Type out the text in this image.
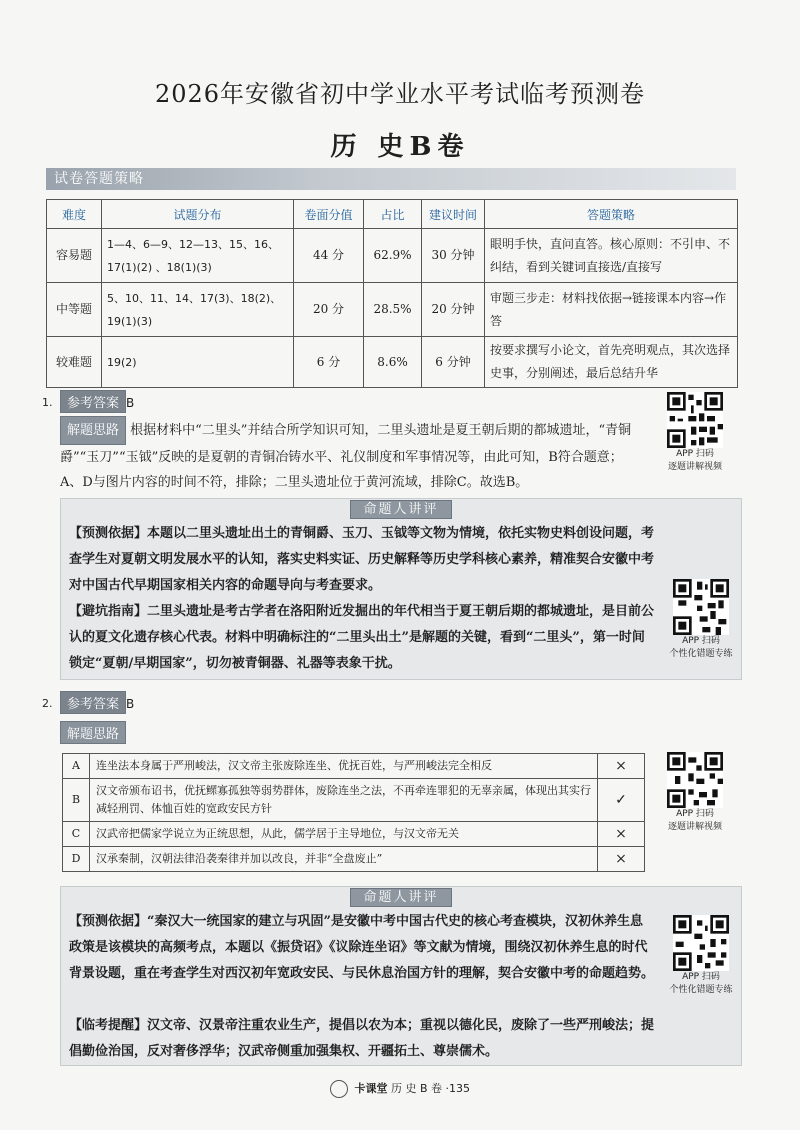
2026年安徽省初中学业水平考试临考预测卷
历 史B卷
试卷答题策略
难度	试题分布	卷面分值	占比	建议时间	答题策略
容易题	1—4、6—9、12—13、15、16、17(1)(2) 、18(1)(3)	44 分	62.9%	30 分钟	眼明手快，直问直答。核心原则：不引申、不纠结，看到关键词直接选/直接写
中等题	5、10、11、14、17(3)、18(2)、19(1)(3)	20 分	28.5%	20 分钟	审题三步走：材料找依据→链接课本内容→作答
较难题	19(2)	6 分	8.6%	6 分钟	按要求撰写小论文，首先亮明观点，其次选择史事，分别阐述，最后总结升华
1.	参考答案 B
解题思路 根据材料中“二里头”并结合所学知识可知，二里头遗址是夏王朝后期的都城遗址，“青铜爵”“玉刀”“玉钺”反映的是夏朝的青铜冶铸水平、礼仪制度和军事情况等，由此可知，B符合题意；A、D与图片内容的时间不符，排除；二里头遗址位于黄河流域，排除C。故选B。
APP 扫码
逐题讲解视频
命题人讲评
【预测依据】本题以二里头遗址出土的青铜爵、玉刀、玉钺等文物为情境，依托实物史料创设问题，考查学生对夏朝文明发展水平的认知，落实史料实证、历史解释等历史学科核心素养，精准契合安徽中考对中国古代早期国家相关内容的命题导向与考查要求。
【避坑指南】二里头遗址是考古学者在洛阳附近发掘出的年代相当于夏王朝后期的都城遗址，是目前公认的夏文化遗存核心代表。材料中明确标注的“二里头出土”是解题的关键，看到“二里头”，第一时间锁定“夏朝/早期国家”，切勿被青铜器、礼器等表象干扰。
APP 扫码
个性化错题专练
2.	参考答案 B
解题思路
A	连坐法本身属于严刑峻法，汉文帝主张废除连坐、优抚百姓，与严刑峻法完全相反	×
B	汉文帝颁布诏书，优抚鳏寡孤独等弱势群体，废除连坐之法，不再牵连罪犯的无辜亲属，体现出其实行减轻刑罚、体恤百姓的宽政安民方针	✓
C	汉武帝把儒家学说立为正统思想，从此，儒学居于主导地位，与汉文帝无关	×
D	汉承秦制，汉朝法律沿袭秦律并加以改良，并非“全盘废止”	×
APP 扫码
逐题讲解视频
命题人讲评
【预测依据】“秦汉大一统国家的建立与巩固”是安徽中考中国古代史的核心考查模块，汉初休养生息政策是该模块的高频考点，本题以《振贷诏》《议除连坐诏》等文献为情境，围绕汉初休养生息的时代背景设题，重在考查学生对西汉初年宽政安民、与民休息治国方针的理解，契合安徽中考的命题趋势。
【临考提醒】汉文帝、汉景帝注重农业生产，提倡以农为本；重视以德化民，废除了一些严刑峻法；提倡勤俭治国，反对奢侈浮华；汉武帝侧重加强集权、开疆拓土、尊崇儒术。
APP 扫码
个性化错题专练
卡课堂 历 史 B 卷 ·135
